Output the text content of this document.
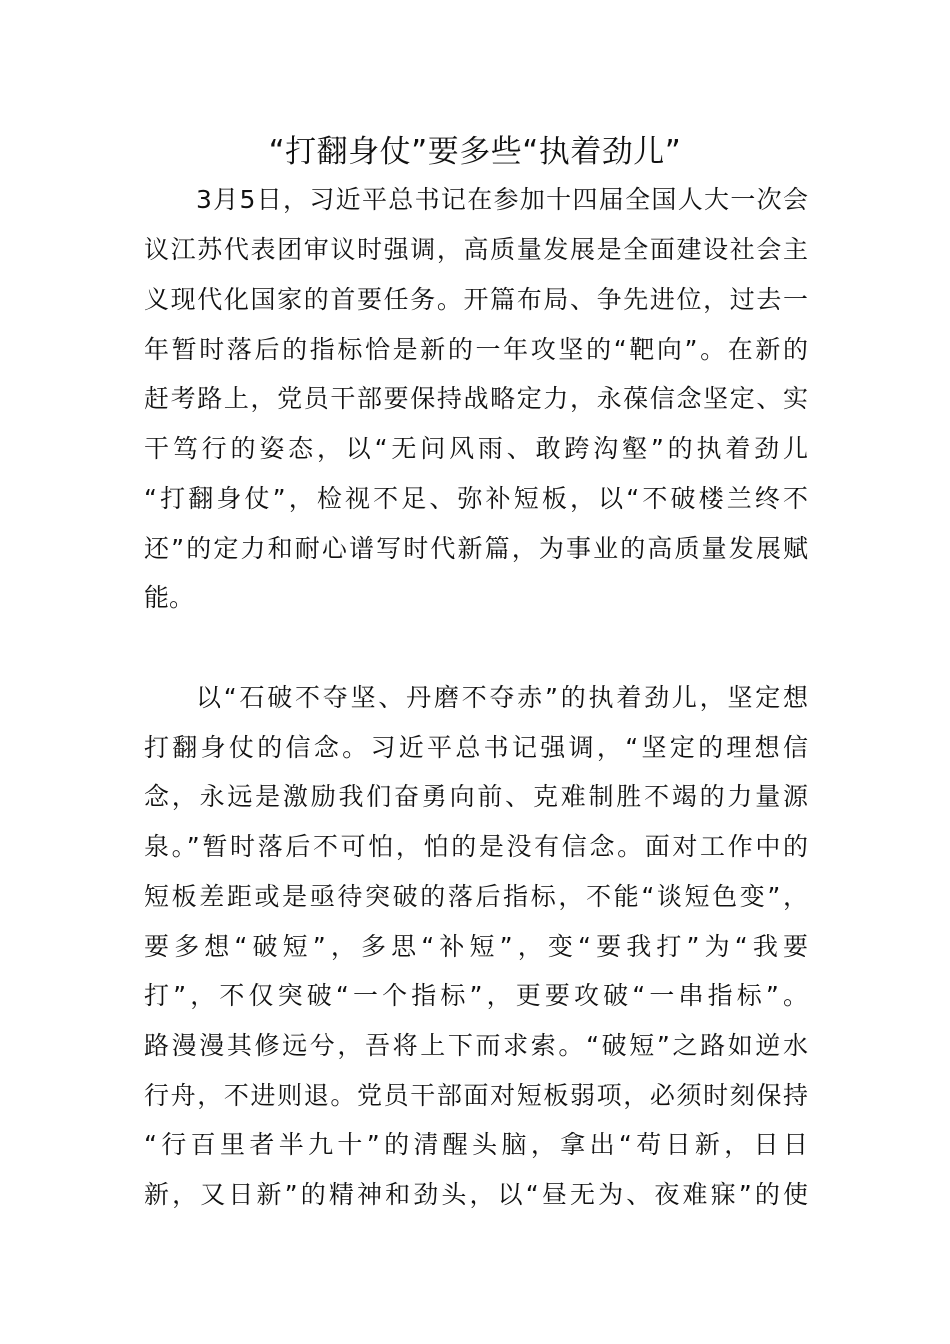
“打翻身仗”要多些“执着劲儿”
3月5日，习近平总书记在参加十四届全国人大一次会
议江苏代表团审议时强调，高质量发展是全面建设社会主
义现代化国家的首要任务。开篇布局、争先进位，过去一
年暂时落后的指标恰是新的一年攻坚的“靶向”。在新的
赶考路上，党员干部要保持战略定力，永葆信念坚定、实
干笃行的姿态，以“无问风雨、敢跨沟壑”的执着劲儿
“打翻身仗”，检视不足、弥补短板，以“不破楼兰终不
还”的定力和耐心谱写时代新篇，为事业的高质量发展赋
能。
以“石破不夺坚、丹磨不夺赤”的执着劲儿，坚定想
打翻身仗的信念。习近平总书记强调，“坚定的理想信
念，永远是激励我们奋勇向前、克难制胜不竭的力量源
泉。”暂时落后不可怕，怕的是没有信念。面对工作中的
短板差距或是亟待突破的落后指标，不能“谈短色变”，
要多想“破短”，多思“补短”，变“要我打”为“我要
打”，不仅突破“一个指标”，更要攻破“一串指标”。
路漫漫其修远兮，吾将上下而求索。“破短”之路如逆水
行舟，不进则退。党员干部面对短板弱项，必须时刻保持
“行百里者半九十”的清醒头脑，拿出“苟日新，日日
新，又日新”的精神和劲头，以“昼无为、夜难寐”的使
